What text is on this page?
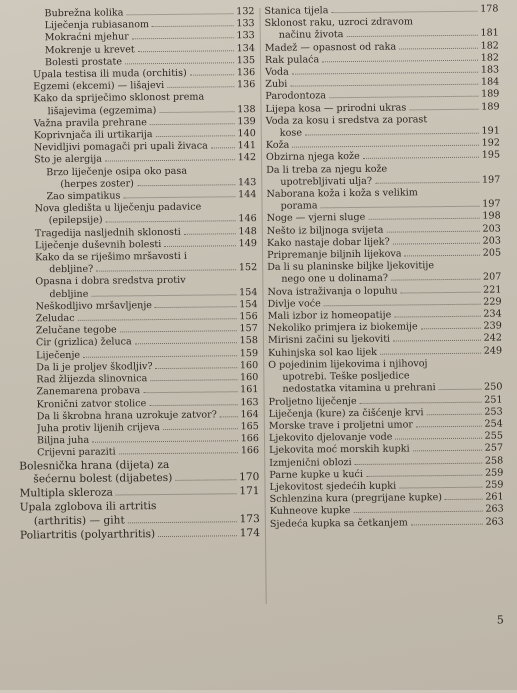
Bubrežna kolika	132
Liječenja rubiasanom	133
Mokraćni mjehur	133
Mokrenje u krevet	134
Bolesti prostate	135
Upala testisa ili muda (orchitis)	136
Egzemi (ekcemi) — lišajevi	136
Kako da spriječimo sklonost prema
lišajevima (egzemima)	138
Važna pravila prehrane	139
Koprivnjača ili urtikarija	140
Nevidljivi pomagači pri upali živaca	141
Što je alergija	142
Brzo liječenje osipa oko pasa
(herpes zoster)	143
Zao simpatikus	144
Nova gledišta u liječenju padavice
(epilepsije)	146
Tragedija nasljednih sklonosti	148
Liječenje duševnih bolesti	149
Kako da se riješimo mršavosti i
debljine?	152
Opasna i dobra sredstva protiv
debljine	154
Neškodljivo mršavljenje	154
Želudac	156
Želučane tegobe	157
Čir (grizlica) želuca	158
Liječenje	159
Da li je proljev škodljiv?	160
Rad žlijezda slinovnica	160
Zanemarena probava	161
Kronični zatvor stolice	163
Da li škrobna hrana uzrokuje zatvor? 164
Juha protiv lijenih crijeva	165
Biljna juha	166
Crijevni paraziti	166
Bolesnička hrana (dijeta) za
šećernu bolest (dijabetes)	170
Multipla skleroza	171
Upala zglobova ili artritis
(arthritis) — giht	173
Poliartritis (polyarthritis)	174
Stanica tijela	178
Sklonost raku, uzroci zdravom
načinu života	181
Madež — opasnost od raka	182
Rak pulaća	182
Voda	183
Zubi	184
Parodontoza	189
Lijepa kosa — prirodni ukras	189
Voda za kosu i sredstva za porast
kose	191
Koža	192
Obzirna njega kože	195
Da li treba za njegu kože
upotrebljivati ulja?	197
Naborana koža i koža s velikim
porama	197
Noge — vjerni sluge	198
Nešto iz biljnoga svijeta	203
Kako nastaje dobar lijek?	203
Pripremanje biljnih lijekova	205
Da li su planinske biljke ljekovitije
nego one u dolinama?	207
Nova istraživanja o lopuhu	221
Divlje voće	229
Mali izbor iz homeopatije	234
Nekoliko primjera iz biokemije	239
Mirisni začini su ljekoviti	242
Kuhinjska sol kao lijek	249
O pojedinim lijekovima i njihovoj
upotrebi. Teške posljedice
nedostatka vitamina u prehrani	250
Proljetno liječenje	251
Liječenja (kure) za čišćenje krvi	253
Morske trave i proljetni umor	254
Ljekovito djelovanje vode	255
Ljekovita moć morskih kupki	257
Izmjenični oblozi	258
Parne kupke u kući	259
Ljekovitost sjedećih kupki	259
Schlenzina kura (pregrijane kupke)	261
Kuhneove kupke	263
Sjedeća kupka sa četkanjem	263
5
